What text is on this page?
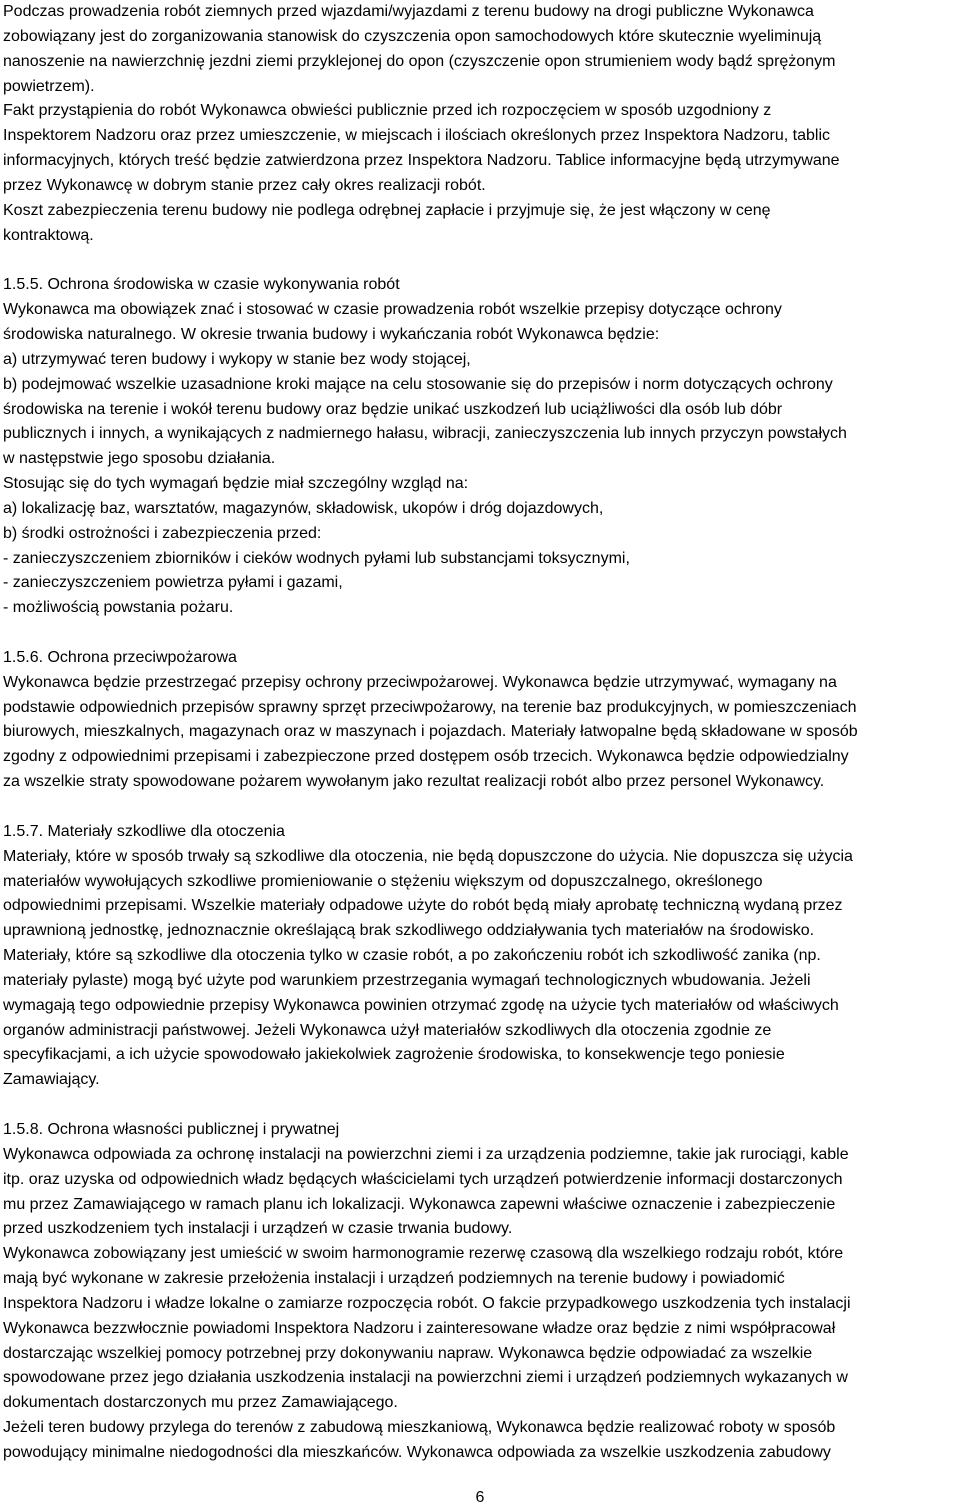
Podczas prowadzenia robót ziemnych przed wjazdami/wyjazdami z terenu budowy na drogi publiczne Wykonawca
zobowiązany jest do zorganizowania stanowisk do czyszczenia opon samochodowych które skutecznie wyeliminują
nanoszenie na nawierzchnię jezdni ziemi przyklejonej do opon (czyszczenie opon strumieniem wody bądź sprężonym
powietrzem).
Fakt przystąpienia do robót Wykonawca obwieści publicznie przed ich rozpoczęciem w sposób uzgodniony z
Inspektorem Nadzoru oraz przez umieszczenie, w miejscach i ilościach określonych przez Inspektora Nadzoru, tablic
informacyjnych, których treść będzie zatwierdzona przez Inspektora Nadzoru. Tablice informacyjne będą utrzymywane
przez Wykonawcę w dobrym stanie przez cały okres realizacji robót.
Koszt zabezpieczenia terenu budowy nie podlega odrębnej zapłacie i przyjmuje się, że jest włączony w cenę
kontraktową.
1.5.5. Ochrona środowiska w czasie wykonywania robót
Wykonawca ma obowiązek znać i stosować w czasie prowadzenia robót wszelkie przepisy dotyczące ochrony
środowiska naturalnego. W okresie trwania budowy i wykańczania robót Wykonawca będzie:
a) utrzymywać teren budowy i wykopy w stanie bez wody stojącej,
b) podejmować wszelkie uzasadnione kroki mające na celu stosowanie się do przepisów i norm dotyczących ochrony
środowiska na terenie i wokół terenu budowy oraz będzie unikać uszkodzeń lub uciążliwości dla osób lub dóbr
publicznych i innych, a wynikających z nadmiernego hałasu, wibracji, zanieczyszczenia lub innych przyczyn powstałych
w następstwie jego sposobu działania.
Stosując się do tych wymagań będzie miał szczególny wzgląd na:
a) lokalizację baz, warsztatów, magazynów, składowisk, ukopów i dróg dojazdowych,
b) środki ostrożności i zabezpieczenia przed:
- zanieczyszczeniem zbiorników i cieków wodnych pyłami lub substancjami toksycznymi,
- zanieczyszczeniem powietrza pyłami i gazami,
- możliwością powstania pożaru.
1.5.6. Ochrona przeciwpożarowa
Wykonawca będzie przestrzegać przepisy ochrony przeciwpożarowej. Wykonawca będzie utrzymywać, wymagany na
podstawie odpowiednich przepisów sprawny sprzęt przeciwpożarowy, na terenie baz produkcyjnych, w pomieszczeniach
biurowych, mieszkalnych, magazynach oraz w maszynach i pojazdach. Materiały łatwopalne będą składowane w sposób
zgodny z odpowiednimi przepisami i zabezpieczone przed dostępem osób trzecich. Wykonawca będzie odpowiedzialny
za wszelkie straty spowodowane pożarem wywołanym jako rezultat realizacji robót albo przez personel Wykonawcy.
1.5.7. Materiały szkodliwe dla otoczenia
Materiały, które w sposób trwały są szkodliwe dla otoczenia, nie będą dopuszczone do użycia. Nie dopuszcza się użycia
materiałów wywołujących szkodliwe promieniowanie o stężeniu większym od dopuszczalnego, określonego
odpowiednimi przepisami. Wszelkie materiały odpadowe użyte do robót będą miały aprobatę techniczną wydaną przez
uprawnioną jednostkę, jednoznacznie określającą brak szkodliwego oddziaływania tych materiałów na środowisko.
Materiały, które są szkodliwe dla otoczenia tylko w czasie robót, a po zakończeniu robót ich szkodliwość zanika (np.
materiały pylaste) mogą być użyte pod warunkiem przestrzegania wymagań technologicznych wbudowania. Jeżeli
wymagają tego odpowiednie przepisy Wykonawca powinien otrzymać zgodę na użycie tych materiałów od właściwych
organów administracji państwowej. Jeżeli Wykonawca użył materiałów szkodliwych dla otoczenia zgodnie ze
specyfikacjami, a ich użycie spowodowało jakiekolwiek zagrożenie środowiska, to konsekwencje tego poniesie
Zamawiający.
1.5.8. Ochrona własności publicznej i prywatnej
Wykonawca odpowiada za ochronę instalacji na powierzchni ziemi i za urządzenia podziemne, takie jak rurociągi, kable
itp. oraz uzyska od odpowiednich władz będących właścicielami tych urządzeń potwierdzenie informacji dostarczonych
mu przez Zamawiającego w ramach planu ich lokalizacji. Wykonawca zapewni właściwe oznaczenie i zabezpieczenie
przed uszkodzeniem tych instalacji i urządzeń w czasie trwania budowy.
Wykonawca zobowiązany jest umieścić w swoim harmonogramie rezerwę czasową dla wszelkiego rodzaju robót, które
mają być wykonane w zakresie przełożenia instalacji i urządzeń podziemnych na terenie budowy i powiadomić
Inspektora Nadzoru i władze lokalne o zamiarze rozpoczęcia robót. O fakcie przypadkowego uszkodzenia tych instalacji
Wykonawca bezzwłocznie powiadomi Inspektora Nadzoru i zainteresowane władze oraz będzie z nimi współpracował
dostarczając wszelkiej pomocy potrzebnej przy dokonywaniu napraw. Wykonawca będzie odpowiadać za wszelkie
spowodowane przez jego działania uszkodzenia instalacji na powierzchni ziemi i urządzeń podziemnych wykazanych w
dokumentach dostarczonych mu przez Zamawiającego.
Jeżeli teren budowy przylega do terenów z zabudową mieszkaniową, Wykonawca będzie realizować roboty w sposób
powodujący minimalne niedogodności dla mieszkańców. Wykonawca odpowiada za wszelkie uszkodzenia zabudowy
6
